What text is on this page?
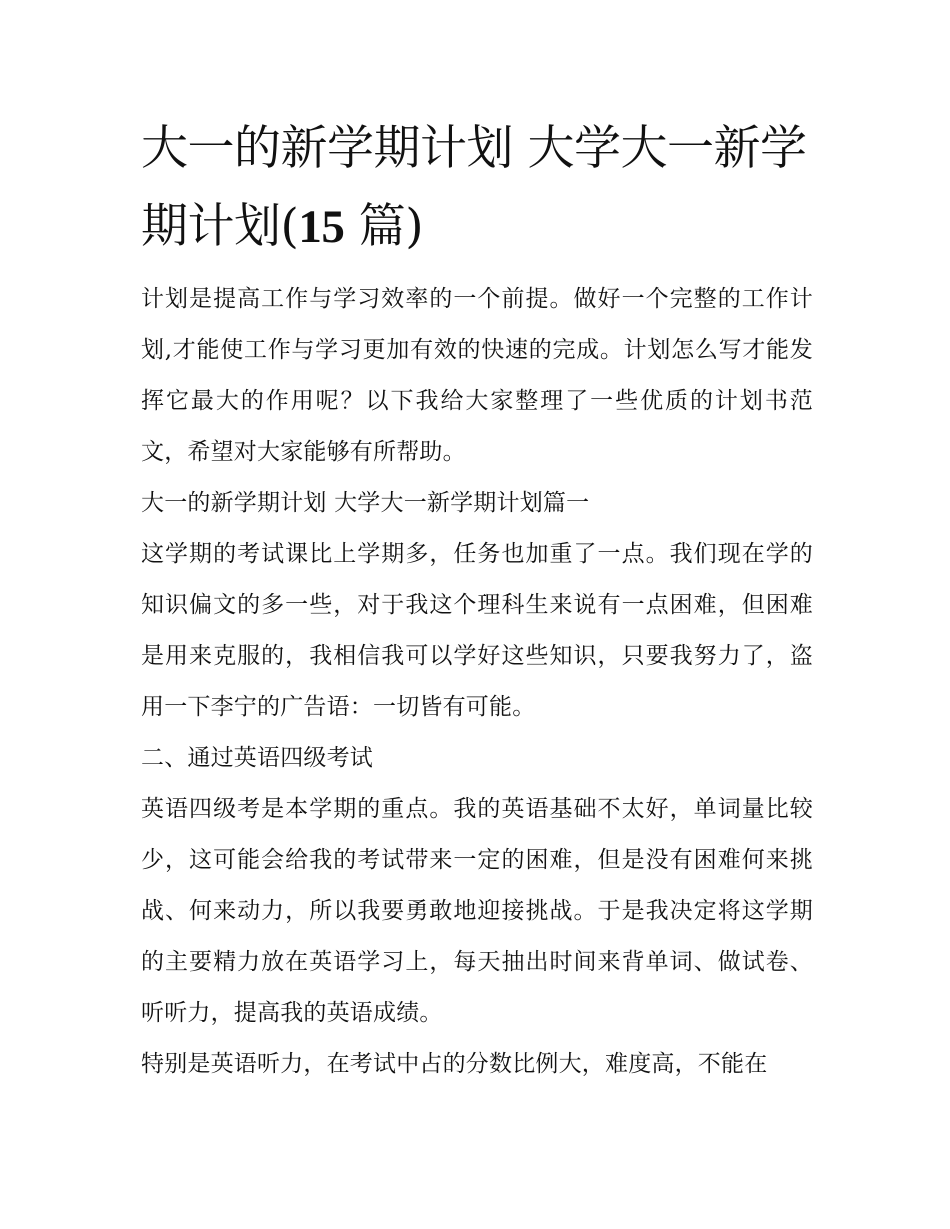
大一的新学期计划 大学大一新学期计划(15 篇)

计划是提高工作与学习效率的一个前提。做好一个完整的工作计划,才能使工作与学习更加有效的快速的完成。计划怎么写才能发挥它最大的作用呢？以下我给大家整理了一些优质的计划书范文，希望对大家能够有所帮助。

大一的新学期计划 大学大一新学期计划篇一

这学期的考试课比上学期多，任务也加重了一点。我们现在学的知识偏文的多一些，对于我这个理科生来说有一点困难，但困难是用来克服的，我相信我可以学好这些知识，只要我努力了，盗用一下李宁的广告语：一切皆有可能。

二、通过英语四级考试

英语四级考是本学期的重点。我的英语基础不太好，单词量比较少，这可能会给我的考试带来一定的困难，但是没有困难何来挑战、何来动力，所以我要勇敢地迎接挑战。于是我决定将这学期的主要精力放在英语学习上，每天抽出时间来背单词、做试卷、听听力，提高我的英语成绩。

特别是英语听力，在考试中占的分数比例大，难度高，不能在
